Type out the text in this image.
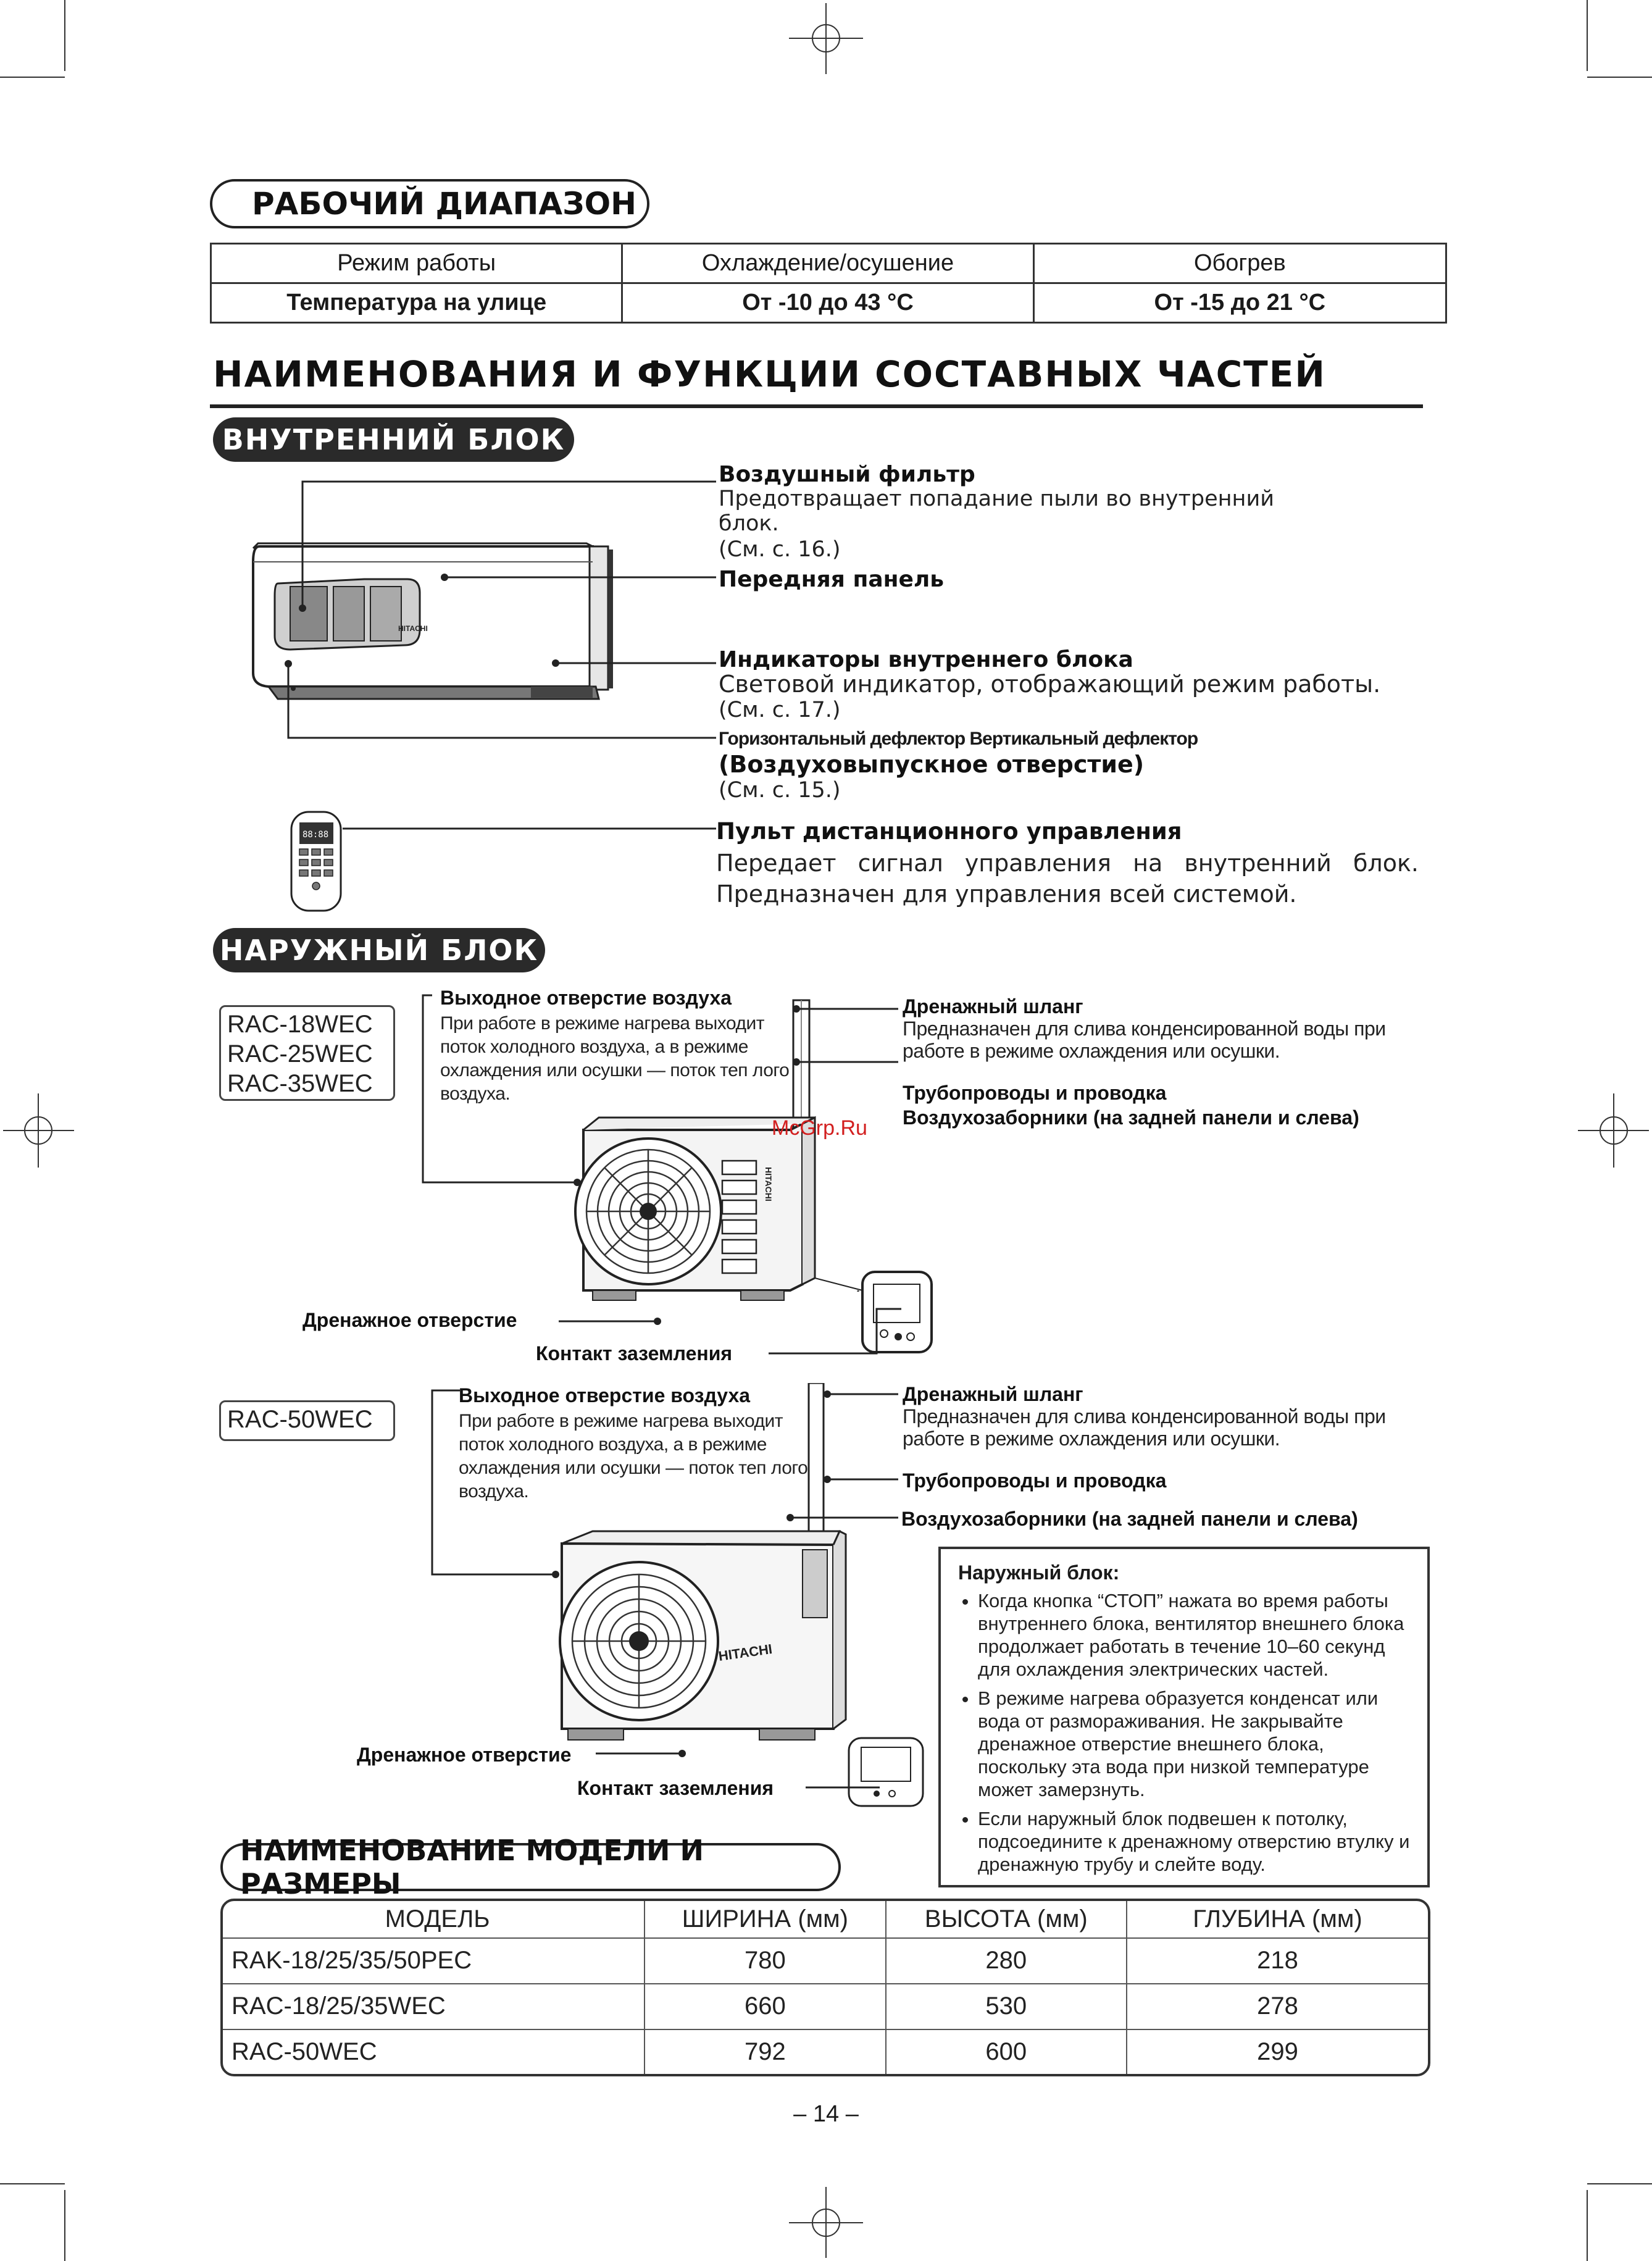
РАБОЧИЙ ДИАПАЗОН
Режим работы	Охлаждение/осушение	Обогрев
Температура на улице	От -10 до 43 °C	От -15 до 21 °C
НАИМЕНОВАНИЯ И ФУНКЦИИ СОСТАВНЫХ ЧАСТЕЙ
ВНУТРЕННИЙ БЛОК
HITACHI
88:88
Воздушный фильтр
Предотвращает попадание пыли во внутренний
блок.
(См. с. 16.)
Передняя панель
Индикаторы внутреннего блока
Световой индикатор, отображающий режим работы.
(См. с. 17.)
Горизонтальный дефлектор Вертикальный дефлектор
(Воздуховыпускное отверстие)
(См. с. 15.)
Пульт дистанционного управления
Передает сигнал управления на внутренний блок.
Предназначен для управления всей системой.
НАРУЖНЫЙ БЛОК
RAC-18WEC
RAC-25WEC
RAC-35WEC
RAC-50WEC
HITACHI
McGrp.Ru
HITACHI
Выходное отверстие воздуха
При работе в режиме нагрева выходит
поток холодного воздуха, а в режиме
охлаждения или осушки — поток теп лого
воздуха.
Дренажный шланг
Предназначен для слива конденсированной воды при
работе в режиме охлаждения или осушки.
Трубопроводы и проводка
Воздухозаборники (на задней панели и слева)
Дренажное отверстие
Контакт заземления
Выходное отверстие воздуха
При работе в режиме нагрева выходит
поток холодного воздуха, а в режиме
охлаждения или осушки — поток теп лого
воздуха.
Дренажный шланг
Предназначен для слива конденсированной воды при
работе в режиме охлаждения или осушки.
Трубопроводы и проводка
Воздухозаборники (на задней панели и слева)
Дренажное отверстие
Контакт заземления
Наружный блок:
• Когда кнопка “СТОП” нажата во время работы внутреннего блока, вентилятор внешнего блока продолжает работать в течение 10–60 секунд для охлаждения электрических частей.
• В режиме нагрева образуется конденсат или вода от размораживания. Не закрывайте дренажное отверстие внешнего блока, поскольку эта вода при низкой температуре может замерзнуть.
• Если наружный блок подвешен к потолку, подсоедините к дренажному отверстию втулку и дренажную трубу и слейте воду.
НАИМЕНОВАНИЕ МОДЕЛИ И РАЗМЕРЫ
МОДЕЛЬ	ШИРИНА (мм)	ВЫСОТА (мм)	ГЛУБИНА (мм)
RAK-18/25/35/50PEC	780	280	218
RAC-18/25/35WEC	660	530	278
RAC-50WEC	792	600	299
– 14 –
